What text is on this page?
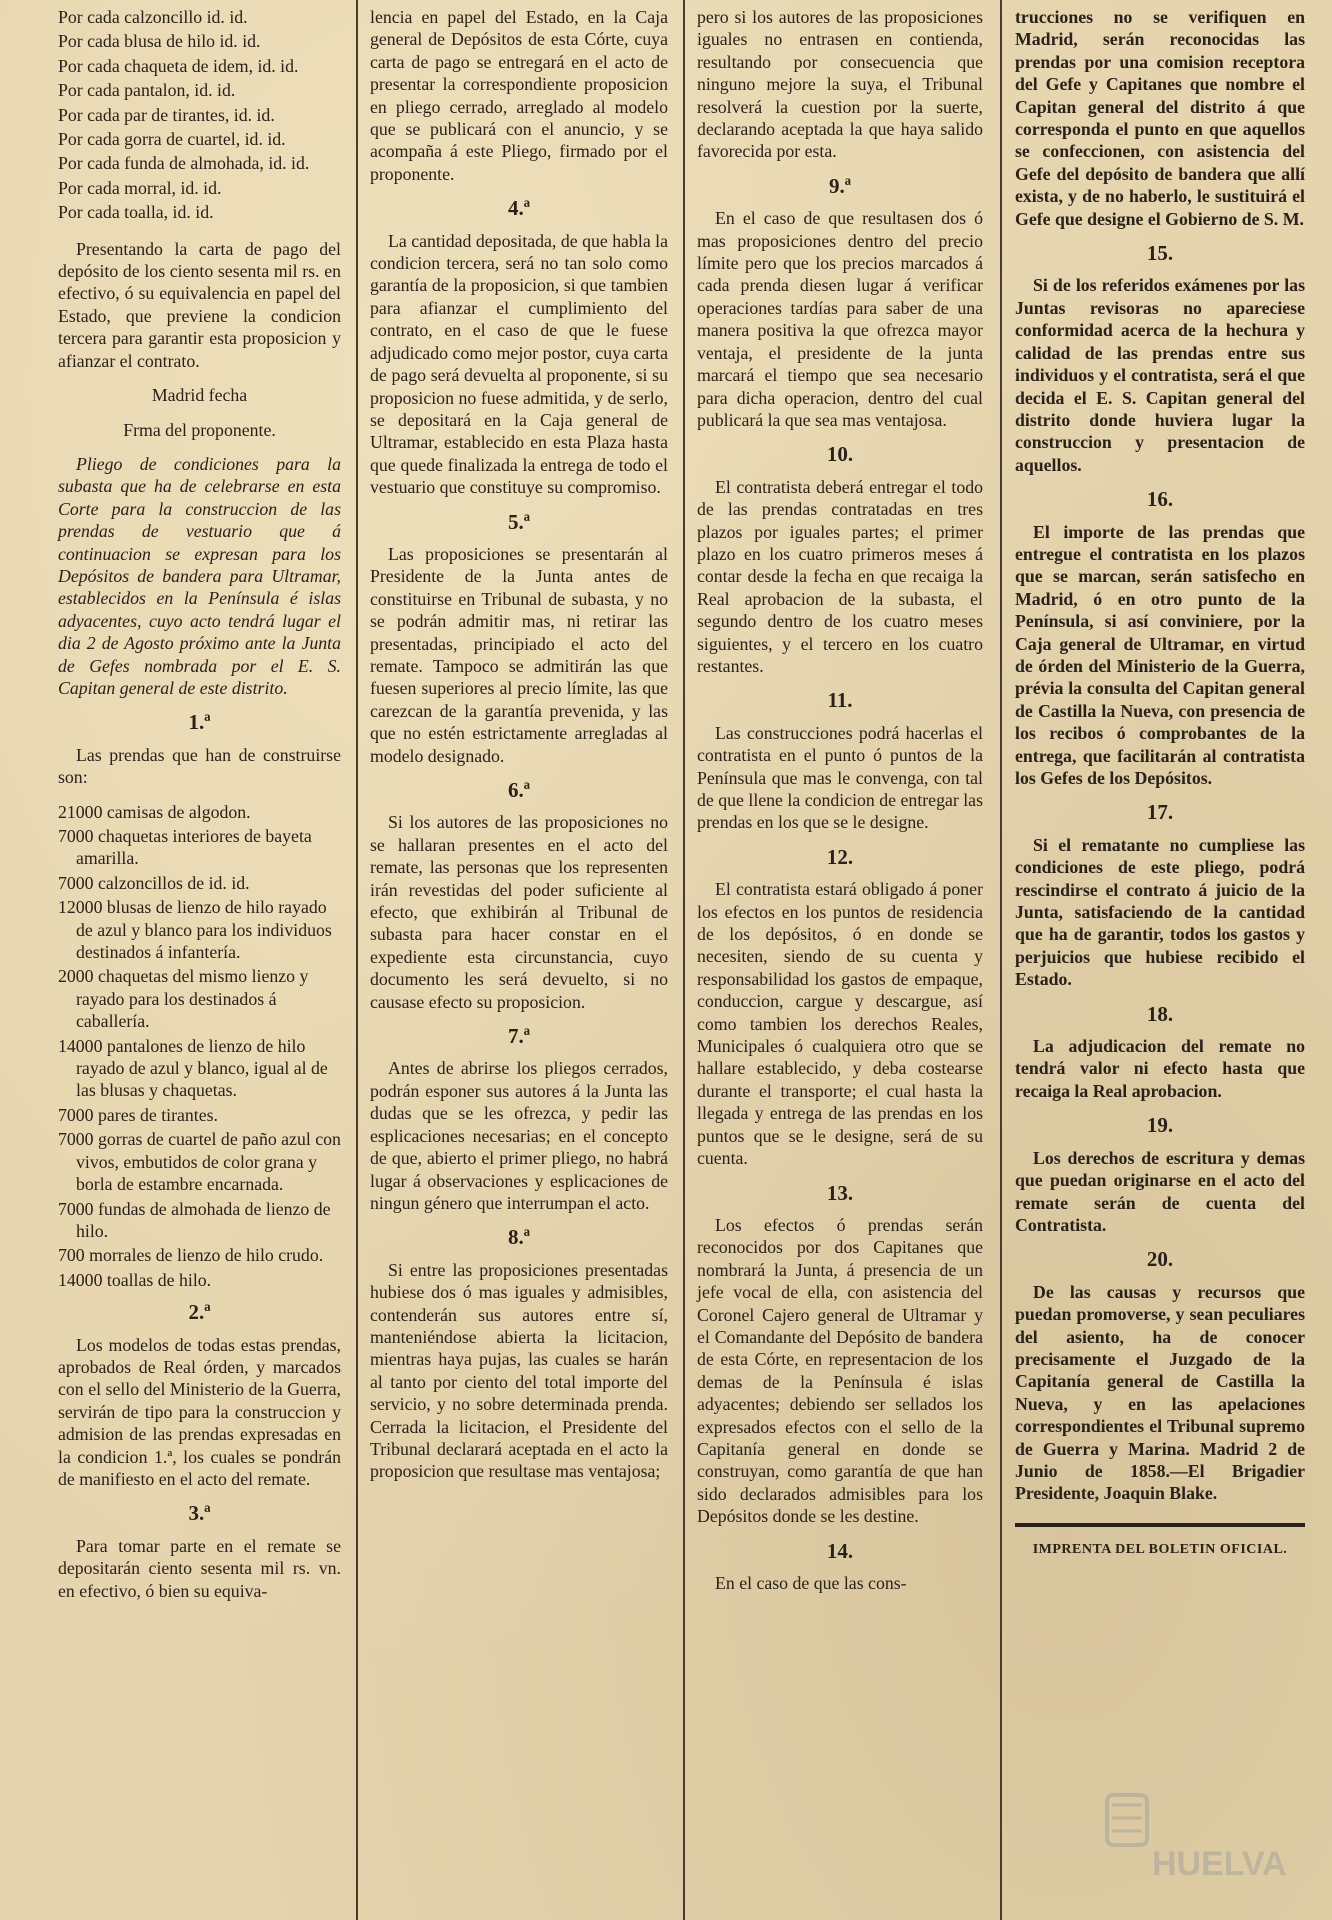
Por cada calzoncillo id. id.
Por cada blusa de hilo id. id.
Por cada chaqueta de idem, id. id.
Por cada pantalon, id. id.
Por cada par de tirantes, id. id.
Por cada gorra de cuartel, id. id.
Por cada funda de almohada, id. id.
Por cada morral, id. id.
Por cada toalla, id. id.

Presentando la carta de pago del depósito de los ciento sesenta mil rs. en efectivo, ó su equivalencia en papel del Estado, que previene la condicion tercera para garantir esta proposicion y afianzar el contrato.

Madrid fecha

Frma del proponente.

Pliego de condiciones para la subasta que ha de celebrarse en esta Corte para la construccion de las prendas de vestuario que á continuacion se expresan para los Depósitos de bandera para Ultramar, establecidos en la Península é islas adyacentes, cuyo acto tendrá lugar el dia 2 de Agosto próximo ante la Junta de Gefes nombrada por el E. S. Capitan general de este distrito.

1.ª

Las prendas que han de construirse son:

21000 camisas de algodon.
7000 chaquetas interiores de bayeta amarilla.
7000 calzoncillos de id. id.
12000 blusas de lienzo de hilo rayado de azul y blanco para los individuos destinados á infantería.
2000 chaquetas del mismo lienzo y rayado para los destinados á caballería.
14000 pantalones de lienzo de hilo rayado de azul y blanco, igual al de las blusas y chaquetas.
7000 pares de tirantes.
7000 gorras de cuartel de paño azul con vivos, embutidos de color grana y borla de estambre encarnada.
7000 fundas de almohada de lienzo de hilo.
700 morrales de lienzo de hilo crudo.
14000 toallas de hilo.
2.ª

Los modelos de todas estas prendas, aprobados de Real órden, y marcados con el sello del Ministerio de la Guerra, servirán de tipo para la construccion y admision de las prendas expresadas en la condicion 1.ª, los cuales se pondrán de manifiesto en el acto del remate.

3.ª

Para tomar parte en el remate se depositarán ciento sesenta mil rs. vn. en efectivo, ó bien su equiva-

lencia en papel del Estado, en la Caja general de Depósitos de esta Córte, cuya carta de pago se entregará en el acto de presentar la correspondiente proposicion en pliego cerrado, arreglado al modelo que se publicará con el anuncio, y se acompaña á este Pliego, firmado por el proponente.

4.ª

La cantidad depositada, de que habla la condicion tercera, será no tan solo como garantía de la proposicion, si que tambien para afianzar el cumplimiento del contrato, en el caso de que le fuese adjudicado como mejor postor, cuya carta de pago será devuelta al proponente, si su proposicion no fuese admitida, y de serlo, se depositará en la Caja general de Ultramar, establecido en esta Plaza hasta que quede finalizada la entrega de todo el vestuario que constituye su compromiso.

5.ª

Las proposiciones se presentarán al Presidente de la Junta antes de constituirse en Tribunal de subasta, y no se podrán admitir mas, ni retirar las presentadas, principiado el acto del remate. Tampoco se admitirán las que fuesen superiores al precio límite, las que carezcan de la garantía prevenida, y las que no estén estrictamente arregladas al modelo designado.

6.ª

Si los autores de las proposiciones no se hallaran presentes en el acto del remate, las personas que los representen irán revestidas del poder suficiente al efecto, que exhibirán al Tribunal de subasta para hacer constar en el expediente esta circunstancia, cuyo documento les será devuelto, si no causase efecto su proposicion.

7.ª

Antes de abrirse los pliegos cerrados, podrán esponer sus autores á la Junta las dudas que se les ofrezca, y pedir las esplicaciones necesarias; en el concepto de que, abierto el primer pliego, no habrá lugar á observaciones y esplicaciones de ningun género que interrumpan el acto.

8.ª

Si entre las proposiciones presentadas hubiese dos ó mas iguales y admisibles, contenderán sus autores entre sí, manteniéndose abierta la licitacion, mientras haya pujas, las cuales se harán al tanto por ciento del total importe del servicio, y no sobre determinada prenda. Cerrada la licitacion, el Presidente del Tribunal declarará aceptada en el acto la proposicion que resultase mas ventajosa;

pero si los autores de las proposiciones iguales no entrasen en contienda, resultando por consecuencia que ninguno mejore la suya, el Tribunal resolverá la cuestion por la suerte, declarando aceptada la que haya salido favorecida por esta.

9.ª

En el caso de que resultasen dos ó mas proposiciones dentro del precio límite pero que los precios marcados á cada prenda diesen lugar á verificar operaciones tardías para saber de una manera positiva la que ofrezca mayor ventaja, el presidente de la junta marcará el tiempo que sea necesario para dicha operacion, dentro del cual publicará la que sea mas ventajosa.

10.

El contratista deberá entregar el todo de las prendas contratadas en tres plazos por iguales partes; el primer plazo en los cuatro primeros meses á contar desde la fecha en que recaiga la Real aprobacion de la subasta, el segundo dentro de los cuatro meses siguientes, y el tercero en los cuatro restantes.

11.

Las construcciones podrá hacerlas el contratista en el punto ó puntos de la Península que mas le convenga, con tal de que llene la condicion de entregar las prendas en los que se le designe.

12.

El contratista estará obligado á poner los efectos en los puntos de residencia de los depósitos, ó en donde se necesiten, siendo de su cuenta y responsabilidad los gastos de empaque, conduccion, cargue y descargue, así como tambien los derechos Reales, Municipales ó cualquiera otro que se hallare establecido, y deba costearse durante el transporte; el cual hasta la llegada y entrega de las prendas en los puntos que se le designe, será de su cuenta.

13.

Los efectos ó prendas serán reconocidos por dos Capitanes que nombrará la Junta, á presencia de un jefe vocal de ella, con asistencia del Coronel Cajero general de Ultramar y el Comandante del Depósito de bandera de esta Córte, en representacion de los demas de la Península é islas adyacentes; debiendo ser sellados los expresados efectos con el sello de la Capitanía general en donde se construyan, como garantía de que han sido declarados admisibles para los Depósitos donde se les destine.

14.

En el caso de que las cons-

trucciones no se verifiquen en Madrid, serán reconocidas las prendas por una comision receptora del Gefe y Capitanes que nombre el Capitan general del distrito á que corresponda el punto en que aquellos se confeccionen, con asistencia del Gefe del depósito de bandera que allí exista, y de no haberlo, le sustituirá el Gefe que designe el Gobierno de S. M.

15.

Si de los referidos exámenes por las Juntas revisoras no apareciese conformidad acerca de la hechura y calidad de las prendas entre sus individuos y el contratista, será el que decida el E. S. Capitan general del distrito donde huviera lugar la construccion y presentacion de aquellos.

16.

El importe de las prendas que entregue el contratista en los plazos que se marcan, serán satisfecho en Madrid, ó en otro punto de la Península, si así conviniere, por la Caja general de Ultramar, en virtud de órden del Ministerio de la Guerra, prévia la consulta del Capitan general de Castilla la Nueva, con presencia de los recibos ó comprobantes de la entrega, que facilitarán al contratista los Gefes de los Depósitos.

17.

Si el rematante no cumpliese las condiciones de este pliego, podrá rescindirse el contrato á juicio de la Junta, satisfaciendo de la cantidad que ha de garantir, todos los gastos y perjuicios que hubiese recibido el Estado.

18.

La adjudicacion del remate no tendrá valor ni efecto hasta que recaiga la Real aprobacion.

19.

Los derechos de escritura y demas que puedan originarse en el acto del remate serán de cuenta del Contratista.

20.

De las causas y recursos que puedan promoverse, y sean peculiares del asiento, ha de conocer precisamente el Juzgado de la Capitanía general de Castilla la Nueva, y en las apelaciones correspondientes el Tribunal supremo de Guerra y Marina. Madrid 2 de Junio de 1858.—El Brigadier Presidente, Joaquin Blake.

IMPRENTA DEL BOLETIN OFICIAL.

HUELVA
